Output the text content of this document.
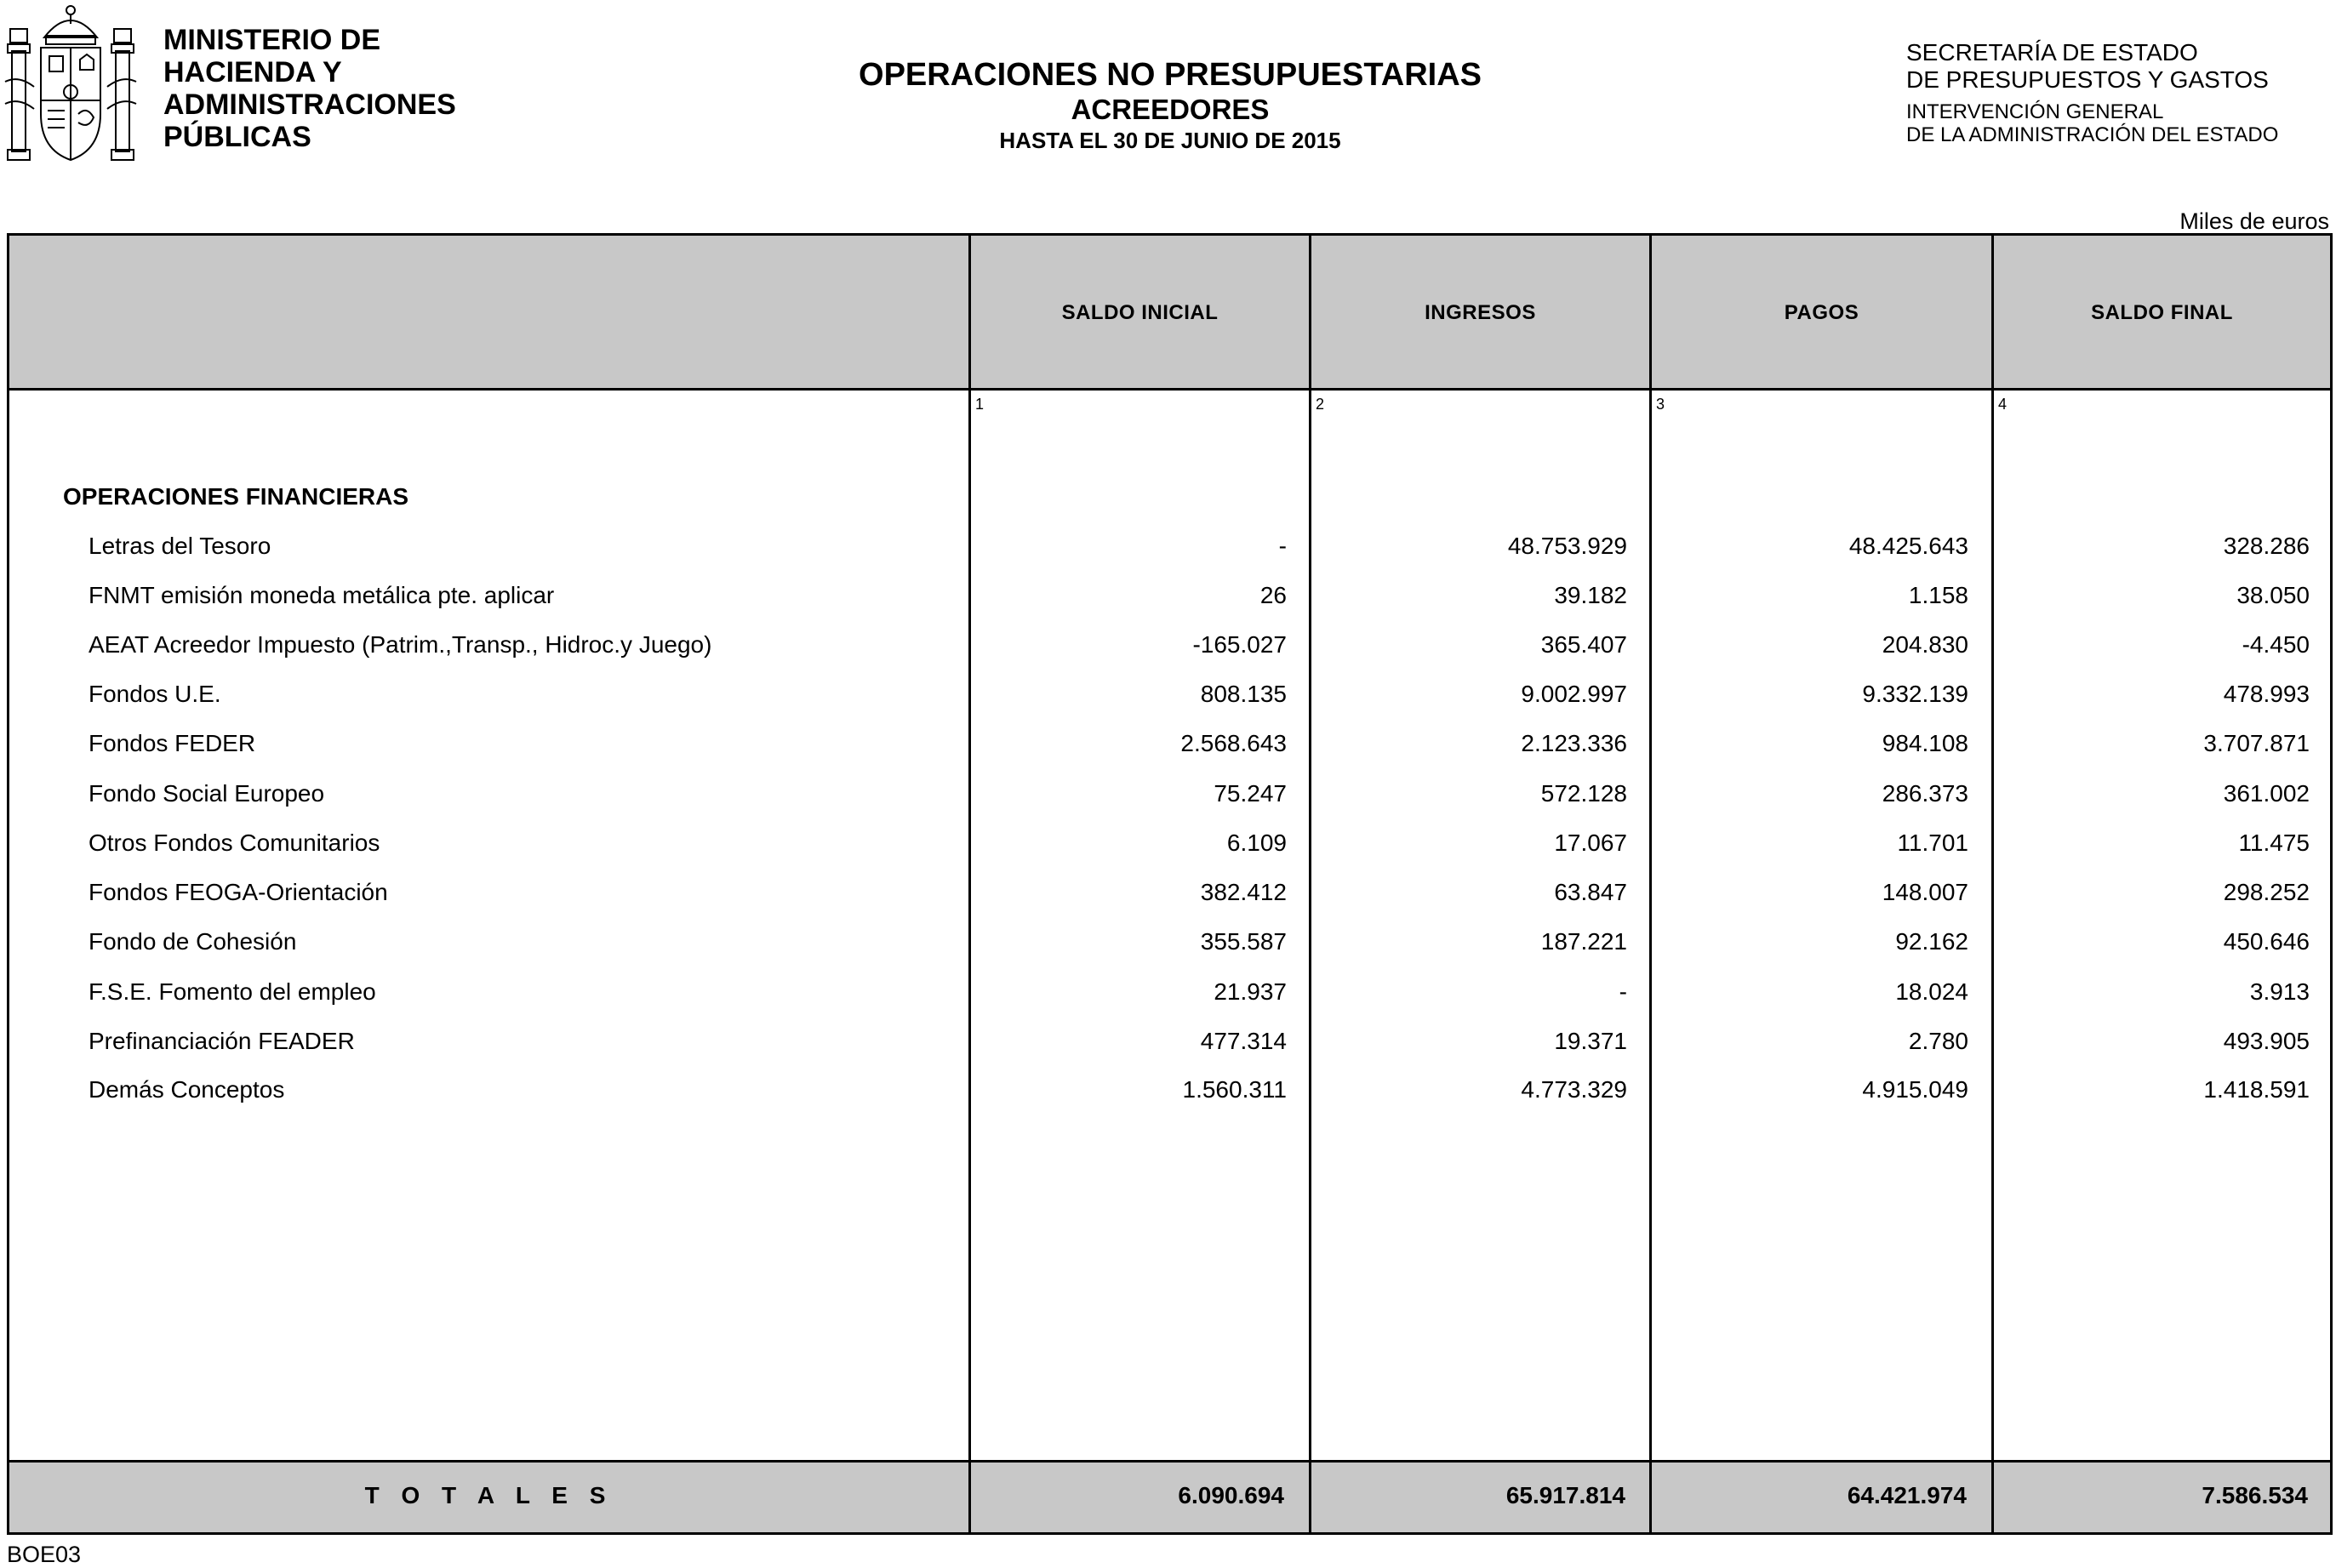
MINISTERIO DE
HACIENDA Y
ADMINISTRACIONES
PÚBLICAS
OPERACIONES NO PRESUPUESTARIAS
ACREEDORES
HASTA EL 30 DE JUNIO DE 2015
SECRETARÍA DE ESTADO
DE PRESUPUESTOS Y GASTOS
INTERVENCIÓN GENERAL
DE LA ADMINISTRACIÓN DEL ESTADO
Miles de euros
SALDO INICIAL	INGRESOS	PAGOS	SALDO FINAL
1	2	3	4
OPERACIONES FINANCIERAS
Letras del Tesoro	-	48.753.929	48.425.643	328.286
FNMT emisión moneda metálica pte. aplicar	26	39.182	1.158	38.050
AEAT Acreedor Impuesto (Patrim.,Transp., Hidroc.y Juego)	-165.027	365.407	204.830	-4.450
Fondos U.E.	808.135	9.002.997	9.332.139	478.993
Fondos FEDER	2.568.643	2.123.336	984.108	3.707.871
Fondo Social Europeo	75.247	572.128	286.373	361.002
Otros Fondos Comunitarios	6.109	17.067	11.701	11.475
Fondos FEOGA-Orientación	382.412	63.847	148.007	298.252
Fondo de Cohesión	355.587	187.221	92.162	450.646
F.S.E. Fomento del empleo	21.937	-	18.024	3.913
Prefinanciación FEADER	477.314	19.371	2.780	493.905
Demás Conceptos	1.560.311	4.773.329	4.915.049	1.418.591
T O T A L E S	6.090.694	65.917.814	64.421.974	7.586.534
BOE03
